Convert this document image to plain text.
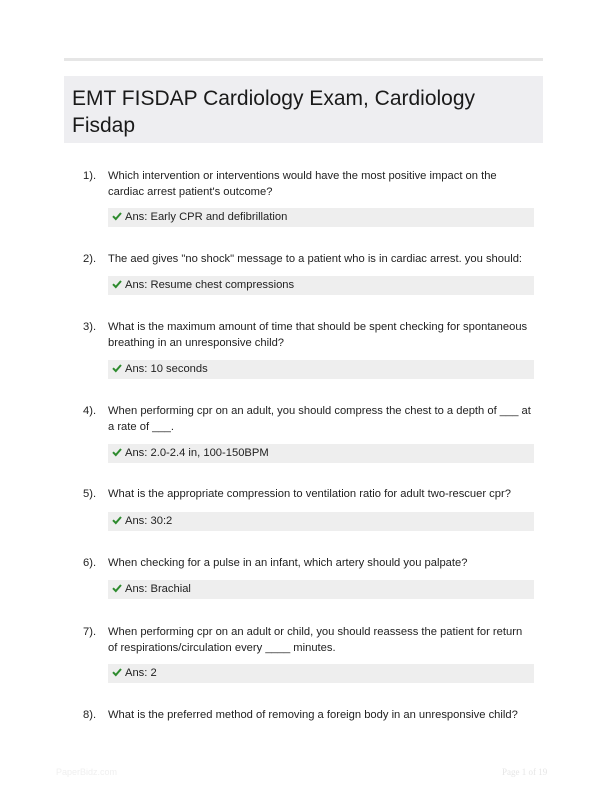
EMT FISDAP Cardiology Exam, Cardiology Fisdap
1). Which intervention or interventions would have the most positive impact on the cardiac arrest patient's outcome?
Ans: Early CPR and defibrillation
2). The aed gives "no shock" message to a patient who is in cardiac arrest. you should:
Ans: Resume chest compressions
3). What is the maximum amount of time that should be spent checking for spontaneous breathing in an unresponsive child?
Ans: 10 seconds
4). When performing cpr on an adult, you should compress the chest to a depth of ___ at a rate of ___.
Ans: 2.0-2.4 in, 100-150BPM
5). What is the appropriate compression to ventilation ratio for adult two-rescuer cpr?
Ans: 30:2
6). When checking for a pulse in an infant, which artery should you palpate?
Ans: Brachial
7). When performing cpr on an adult or child, you should reassess the patient for return of respirations/circulation every ____ minutes.
Ans: 2
8). What is the preferred method of removing a foreign body in an unresponsive child?
PaperBidz.com	Page 1 of 19
